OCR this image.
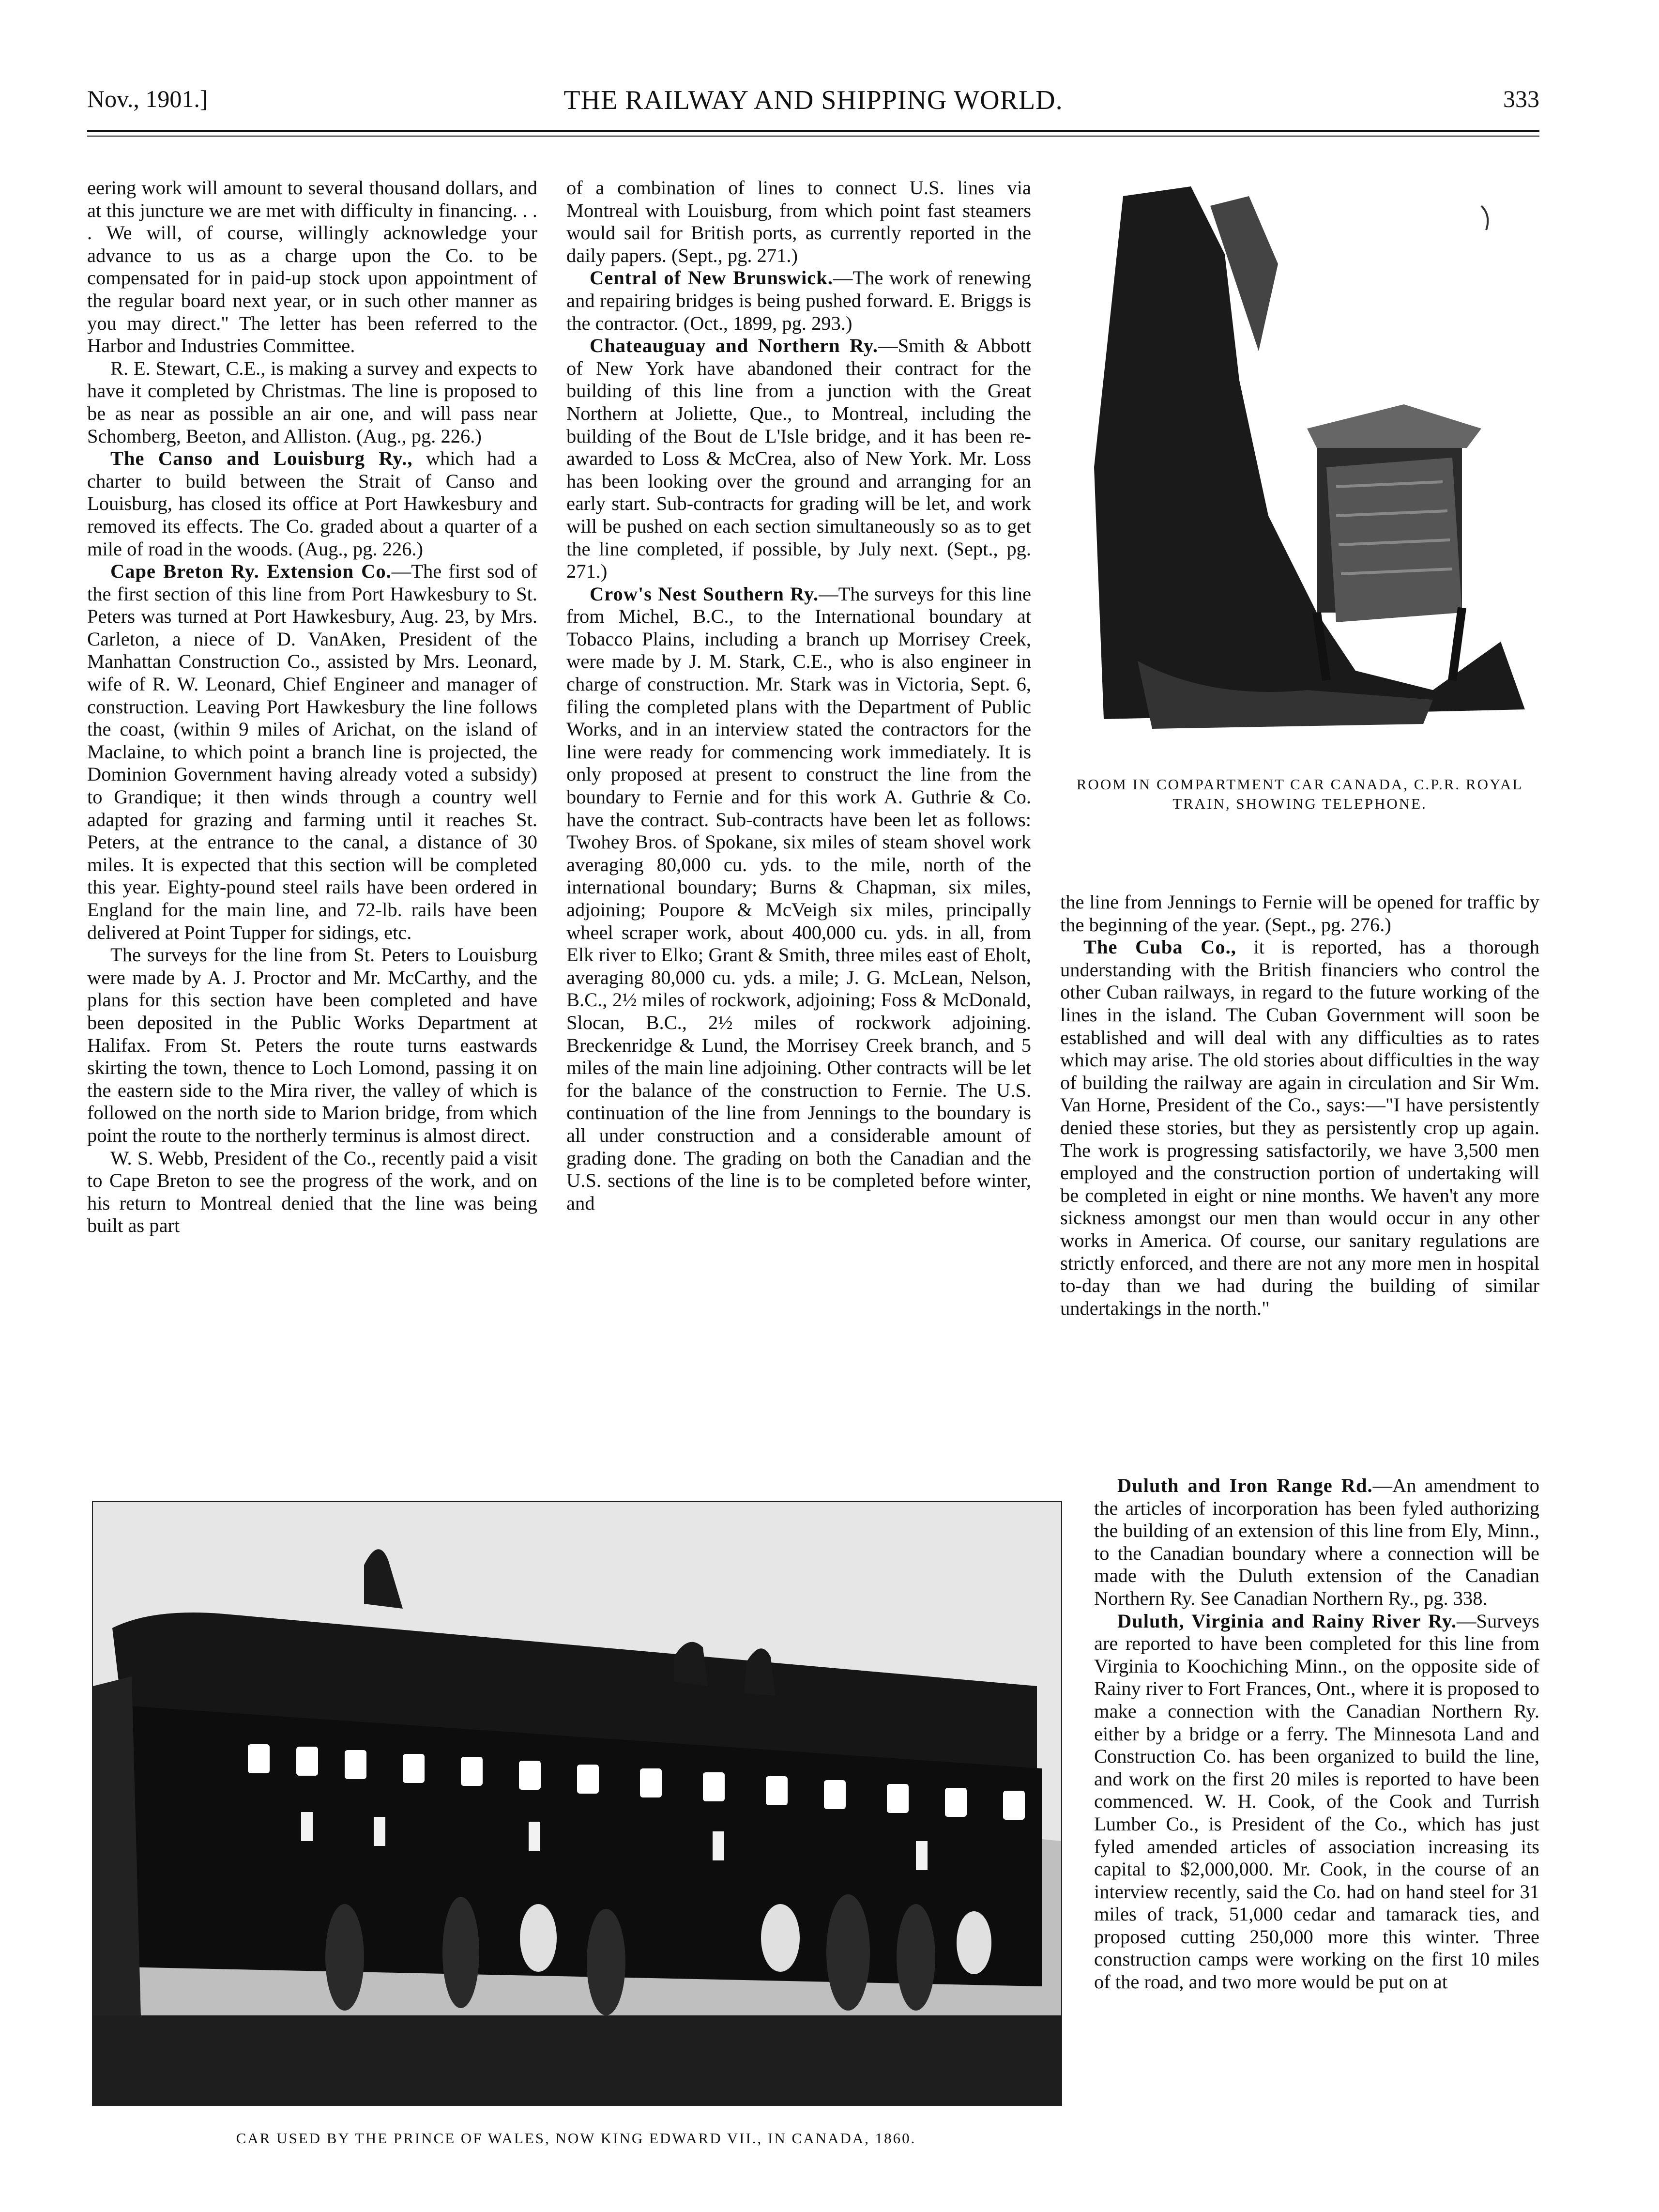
THE RAILWAY AND SHIPPING WORLD.
Nov., 1901.]	333

eering work will amount to several thousand dollars, and at this juncture we are met with difficulty in financing. . . . We will, of course, willingly acknowledge your advance to us as a charge upon the Co. to be compensated for in paid-up stock upon appointment of the regular board next year, or in such other manner as you may direct." The letter has been referred to the Harbor and Industries Committee.

R. E. Stewart, C.E., is making a survey and expects to have it completed by Christmas. The line is proposed to be as near as possible an air one, and will pass near Schomberg, Beeton, and Alliston. (Aug., pg. 226.)

The Canso and Louisburg Ry., which had a charter to build between the Strait of Canso and Louisburg, has closed its office at Port Hawkesbury and removed its effects. The Co. graded about a quarter of a mile of road in the woods. (Aug., pg. 226.)

Cape Breton Ry. Extension Co.—The first sod of the first section of this line from Port Hawkesbury to St. Peters was turned at Port Hawkesbury, Aug. 23, by Mrs. Carleton, a niece of D. VanAken, President of the Manhattan Construction Co., assisted by Mrs. Leonard, wife of R. W. Leonard, Chief Engineer and manager of construction. Leaving Port Hawkesbury the line follows the coast, (within 9 miles of Arichat, on the island of Maclaine, to which point a branch line is projected, the Dominion Government having already voted a subsidy) to Grandique; it then winds through a country well adapted for grazing and farming until it reaches St. Peters, at the entrance to the canal, a distance of 30 miles. It is expected that this section will be completed this year. Eighty-pound steel rails have been ordered in England for the main line, and 72-lb. rails have been delivered at Point Tupper for sidings, etc.

The surveys for the line from St. Peters to Louisburg were made by A. J. Proctor and Mr. McCarthy, and the plans for this section have been completed and have been deposited in the Public Works Department at Halifax. From St. Peters the route turns eastwards skirting the town, thence to Loch Lomond, passing it on the eastern side to the Mira river, the valley of which is followed on the north side to Marion bridge, from which point the route to the northerly terminus is almost direct.

W. S. Webb, President of the Co., recently paid a visit to Cape Breton to see the progress of the work, and on his return to Montreal denied that the line was being built as part

of a combination of lines to connect U.S. lines via Montreal with Louisburg, from which point fast steamers would sail for British ports, as currently reported in the daily papers. (Sept., pg. 271.)

Central of New Brunswick.—The work of renewing and repairing bridges is being pushed forward. E. Briggs is the contractor. (Oct., 1899, pg. 293.)

Chateauguay and Northern Ry.—Smith & Abbott of New York have abandoned their contract for the building of this line from a junction with the Great Northern at Joliette, Que., to Montreal, including the building of the Bout de L'Isle bridge, and it has been re-awarded to Loss & McCrea, also of New York. Mr. Loss has been looking over the ground and arranging for an early start. Sub-contracts for grading will be let, and work will be pushed on each section simultaneously so as to get the line completed, if possible, by July next. (Sept., pg. 271.)

Crow's Nest Southern Ry.—The surveys for this line from Michel, B.C., to the International boundary at Tobacco Plains, including a branch up Morrisey Creek, were made by J. M. Stark, C.E., who is also engineer in charge of construction. Mr. Stark was in Victoria, Sept. 6, filing the completed plans with the Department of Public Works, and in an interview stated the contractors for the line were ready for commencing work immediately. It is only proposed at present to construct the line from the boundary to Fernie and for this work A. Guthrie & Co. have the contract. Sub-contracts have been let as follows: Twohey Bros. of Spokane, six miles of steam shovel work averaging 80,000 cu. yds. to the mile, north of the international boundary; Burns & Chapman, six miles, adjoining; Poupore & McVeigh six miles, principally wheel scraper work, about 400,000 cu. yds. in all, from Elk river to Elko; Grant & Smith, three miles east of Eholt, averaging 80,000 cu. yds. a mile; J. G. McLean, Nelson, B.C., 2½ miles of rockwork, adjoining; Foss & McDonald, Slocan, B.C., 2½ miles of rockwork adjoining. Breckenridge & Lund, the Morrisey Creek branch, and 5 miles of the main line adjoining. Other contracts will be let for the balance of the construction to Fernie. The U.S. continuation of the line from Jennings to the boundary is all under construction and a considerable amount of grading done. The grading on both the Canadian and the U.S. sections of the line is to be completed before winter, and

ROOM IN COMPARTMENT CAR CANADA, C.P.R. ROYAL TRAIN, SHOWING TELEPHONE.

the line from Jennings to Fernie will be opened for traffic by the beginning of the year. (Sept., pg. 276.)

The Cuba Co., it is reported, has a thorough understanding with the British financiers who control the other Cuban railways, in regard to the future working of the lines in the island. The Cuban Government will soon be established and will deal with any difficulties as to rates which may arise. The old stories about difficulties in the way of building the railway are again in circulation and Sir Wm. Van Horne, President of the Co., says:—"I have persistently denied these stories, but they as persistently crop up again. The work is progressing satisfactorily, we have 3,500 men employed and the construction portion of undertaking will be completed in eight or nine months. We haven't any more sickness amongst our men than would occur in any other works in America. Of course, our sanitary regulations are strictly enforced, and there are not any more men in hospital to-day than we had during the building of similar undertakings in the north."

Duluth and Iron Range Rd.—An amendment to the articles of incorporation has been fyled authorizing the building of an extension of this line from Ely, Minn., to the Canadian boundary where a connection will be made with the Duluth extension of the Canadian Northern Ry. See Canadian Northern Ry., pg. 338.

Duluth, Virginia and Rainy River Ry.—Surveys are reported to have been completed for this line from Virginia to Koochiching Minn., on the opposite side of Rainy river to Fort Frances, Ont., where it is proposed to make a connection with the Canadian Northern Ry. either by a bridge or a ferry. The Minnesota Land and Construction Co. has been organized to build the line, and work on the first 20 miles is reported to have been commenced. W. H. Cook, of the Cook and Turrish Lumber Co., is President of the Co., which has just fyled amended articles of association increasing its capital to $2,000,000. Mr. Cook, in the course of an interview recently, said the Co. had on hand steel for 31 miles of track, 51,000 cedar and tamarack ties, and proposed cutting 250,000 more this winter. Three construction camps were working on the first 10 miles of the road, and two more would be put on at

CAR USED BY THE PRINCE OF WALES, NOW KING EDWARD VII., IN CANADA, 1860.
